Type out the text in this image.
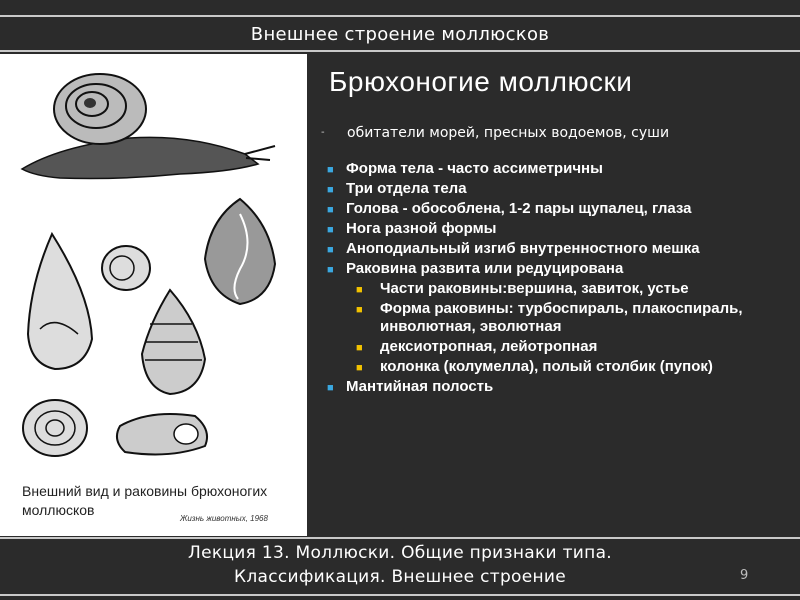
Внешнее строение моллюсков
Внешний вид и раковины брюхоногих моллюсков
Жизнь животных, 1968
Брюхоногие моллюски
- обитатели морей, пресных водоемов, суши
■ Форма тела - часто ассиметричны
■ Три отдела тела
■ Голова - обособлена, 1-2 пары щупалец, глаза
■ Нога разной формы
■ Аноподиальный изгиб внутренностного мешка
■ Раковина развита или редуцирована
■ Части раковины:вершина, завиток, устье
■ Форма раковины: турбоспираль, плакоспираль, инволютная, эволютная
■ дексиотропная, лейотропная
■ колонка (колумелла), полый столбик (пупок)
■ Мантийная полость
Лекция 13. Моллюски. Общие признаки типа.
Классификация. Внешнее строение	9
